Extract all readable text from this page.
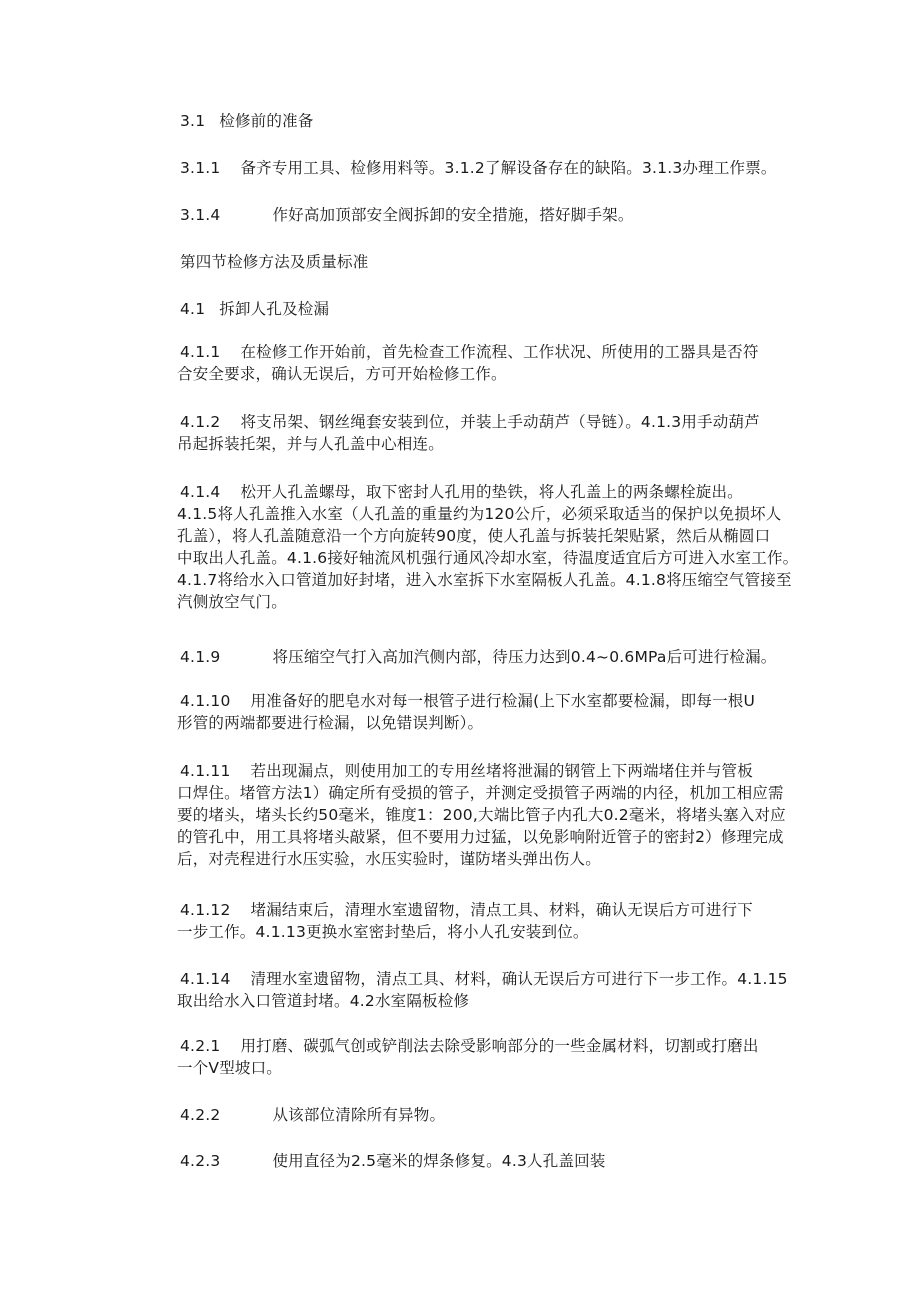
3.1 检修前的准备
3.1.1 备齐专用工具、检修用料等。3.1.2了解设备存在的缺陷。3.1.3办理工作票。
3.1.4	作好高加顶部安全阀拆卸的安全措施，搭好脚手架。
第四节检修方法及质量标准
4.1 拆卸人孔及检漏
4.1.1 在检修工作开始前，首先检查工作流程、工作状况、所使用的工器具是否符
合安全要求，确认无误后，方可开始检修工作。
4.1.2 将支吊架、钢丝绳套安装到位，并装上手动葫芦（导链）。4.1.3用手动葫芦
吊起拆装托架，并与人孔盖中心相连。
4.1.4 松开人孔盖螺母，取下密封人孔用的垫铁，将人孔盖上的两条螺栓旋出。
4.1.5将人孔盖推入水室（人孔盖的重量约为120公斤，必须采取适当的保护以免损坏人
孔盖），将人孔盖随意沿一个方向旋转90度，使人孔盖与拆装托架贴紧，然后从椭圆口
中取出人孔盖。4.1.6接好轴流风机强行通风冷却水室，待温度适宜后方可进入水室工作。
4.1.7将给水入口管道加好封堵，进入水室拆下水室隔板人孔盖。4.1.8将压缩空气管接至
汽侧放空气门。
4.1.9	将压缩空气打入高加汽侧内部，待压力达到0.4~0.6MPa后可进行检漏。
4.1.10 用准备好的肥皂水对每一根管子进行检漏(上下水室都要检漏，即每一根U
形管的两端都要进行检漏，以免错误判断）。
4.1.11 若出现漏点，则使用加工的专用丝堵将泄漏的钢管上下两端堵住并与管板
口焊住。堵管方法1）确定所有受损的管子，并测定受损管子两端的内径，机加工相应需
要的堵头，堵头长约50毫米，锥度1：200,大端比管子内孔大0.2毫米，将堵头塞入对应
的管孔中，用工具将堵头敲紧，但不要用力过猛，以免影响附近管子的密封2）修理完成
后，对壳程进行水压实验，水压实验时，谨防堵头弹出伤人。
4.1.12 堵漏结束后，清理水室遗留物，清点工具、材料，确认无误后方可进行下
一步工作。4.1.13更换水室密封垫后，将小人孔安装到位。
4.1.14 清理水室遗留物，清点工具、材料，确认无误后方可进行下一步工作。4.1.15
取出给水入口管道封堵。4.2水室隔板检修
4.2.1 用打磨、碳弧气创或铲削法去除受影响部分的一些金属材料，切割或打磨出
一个V型坡口。
4.2.2	从该部位清除所有异物。
4.2.3	使用直径为2.5毫米的焊条修复。4.3人孔盖回装
